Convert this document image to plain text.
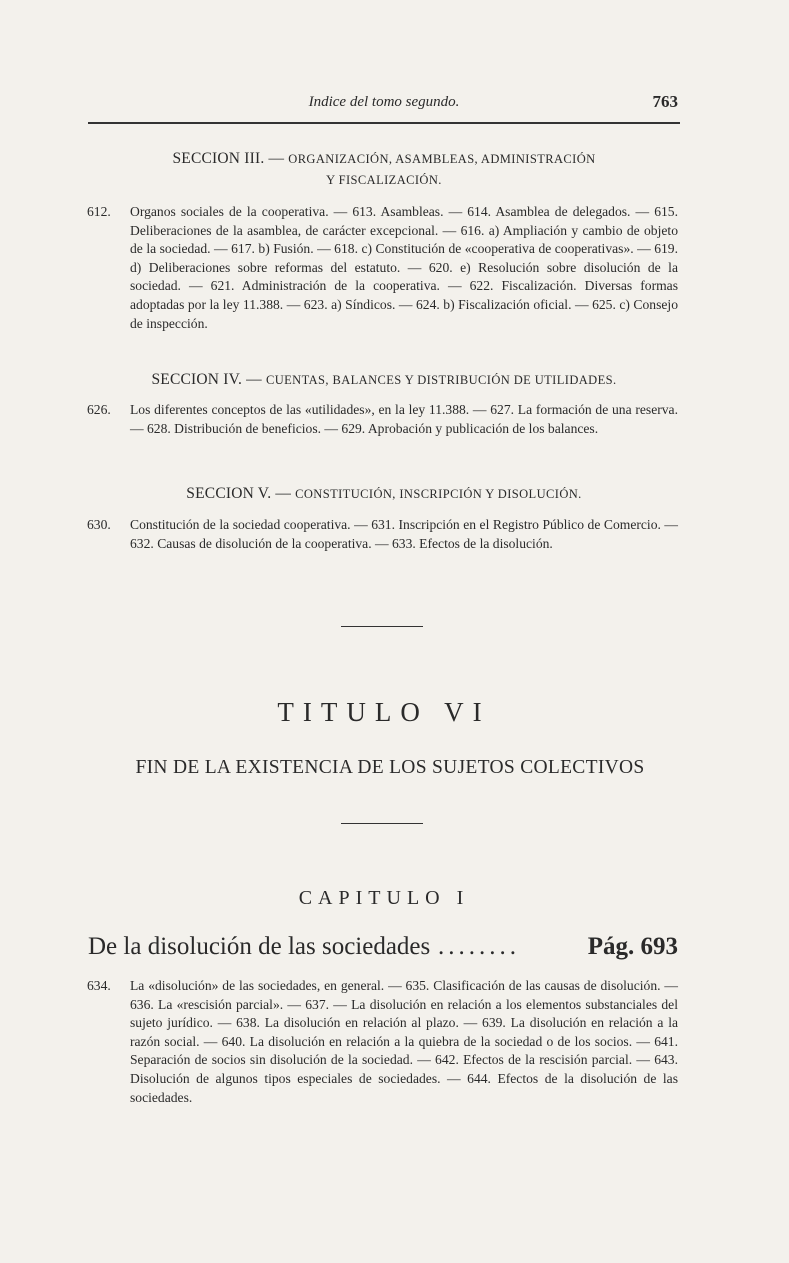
Indice del tomo segundo.	763
SECCION III. — ORGANIZACIÓN, ASAMBLEAS, ADMINISTRACIÓN
Y FISCALIZACIÓN.
612. Organos sociales de la cooperativa. — 613. Asambleas. — 614. Asamblea de delegados. — 615. Deliberaciones de la asamblea, de carácter excepcional. — 616. a) Ampliación y cambio de objeto de la sociedad. — 617. b) Fusión. — 618. c) Constitución de «cooperativa de cooperativas». — 619. d) Deliberaciones sobre reformas del estatuto. — 620. e) Resolución sobre disolución de la sociedad. — 621. Administración de la cooperativa. — 622. Fiscalización. Diversas formas adoptadas por la ley 11.388. — 623. a) Síndicos. — 624. b) Fiscalización oficial. — 625. c) Consejo de inspección.
SECCION IV. — CUENTAS, BALANCES Y DISTRIBUCIÓN DE UTILIDADES.
626. Los diferentes conceptos de las «utilidades», en la ley 11.388. — 627. La formación de una reserva. — 628. Distribución de beneficios. — 629. Aprobación y publicación de los balances.
SECCION V. — CONSTITUCIÓN, INSCRIPCIÓN Y DISOLUCIÓN.
630. Constitución de la sociedad cooperativa. — 631. Inscripción en el Registro Público de Comercio. — 632. Causas de disolución de la cooperativa. — 633. Efectos de la disolución.
TITULO VI
FIN DE LA EXISTENCIA DE LOS SUJETOS COLECTIVOS
CAPITULO I
De la disolución de las sociedades ........	Pág. 693
634. La «disolución» de las sociedades, en general. — 635. Clasificación de las causas de disolución. — 636. La «rescisión parcial». — 637. — La disolución en relación a los elementos substanciales del sujeto jurídico. — 638. La disolución en relación al plazo. — 639. La disolución en relación a la razón social. — 640. La disolución en relación a la quiebra de la sociedad o de los socios. — 641. Separación de socios sin disolución de la sociedad. — 642. Efectos de la rescisión parcial. — 643. Disolución de algunos tipos especiales de sociedades. — 644. Efectos de la disolución de las sociedades.
